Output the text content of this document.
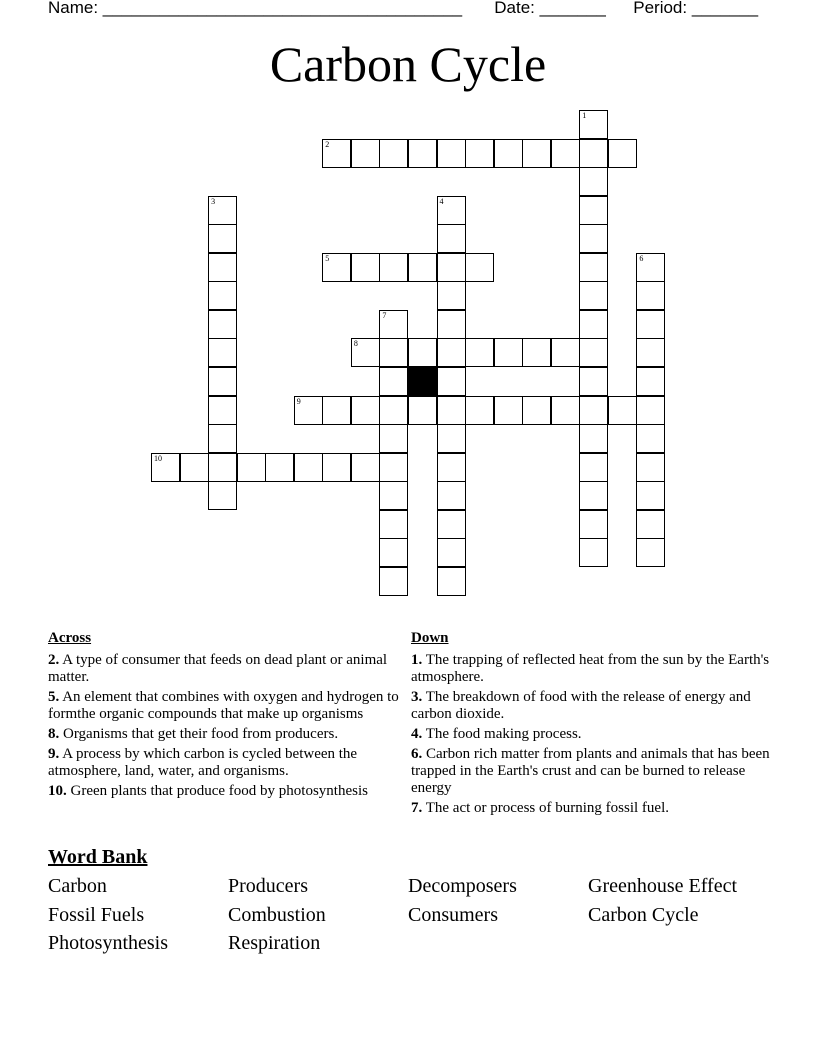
Name: ______________________________________ Date: _______ Period: _______
Carbon Cycle
1
2
3	4
5	6
7
8
9
10
Across
2. A type of consumer that feeds on dead plant or animal matter.
5. An element that combines with oxygen and hydrogen to formthe organic compounds that make up organisms
8. Organisms that get their food from producers.
9. A process by which carbon is cycled between the atmosphere, land, water, and organisms.
10. Green plants that produce food by photosynthesis
Down
1. The trapping of reflected heat from the sun by the Earth's atmosphere.
3. The breakdown of food with the release of energy and carbon dioxide.
4. The food making process.
6. Carbon rich matter from plants and animals that has been trapped in the Earth's crust and can be burned to release energy
7. The act or process of burning fossil fuel.
Word Bank
Carbon	Producers	Decomposers	Greenhouse Effect
Fossil Fuels	Combustion	Consumers	Carbon Cycle
Photosynthesis	Respiration
